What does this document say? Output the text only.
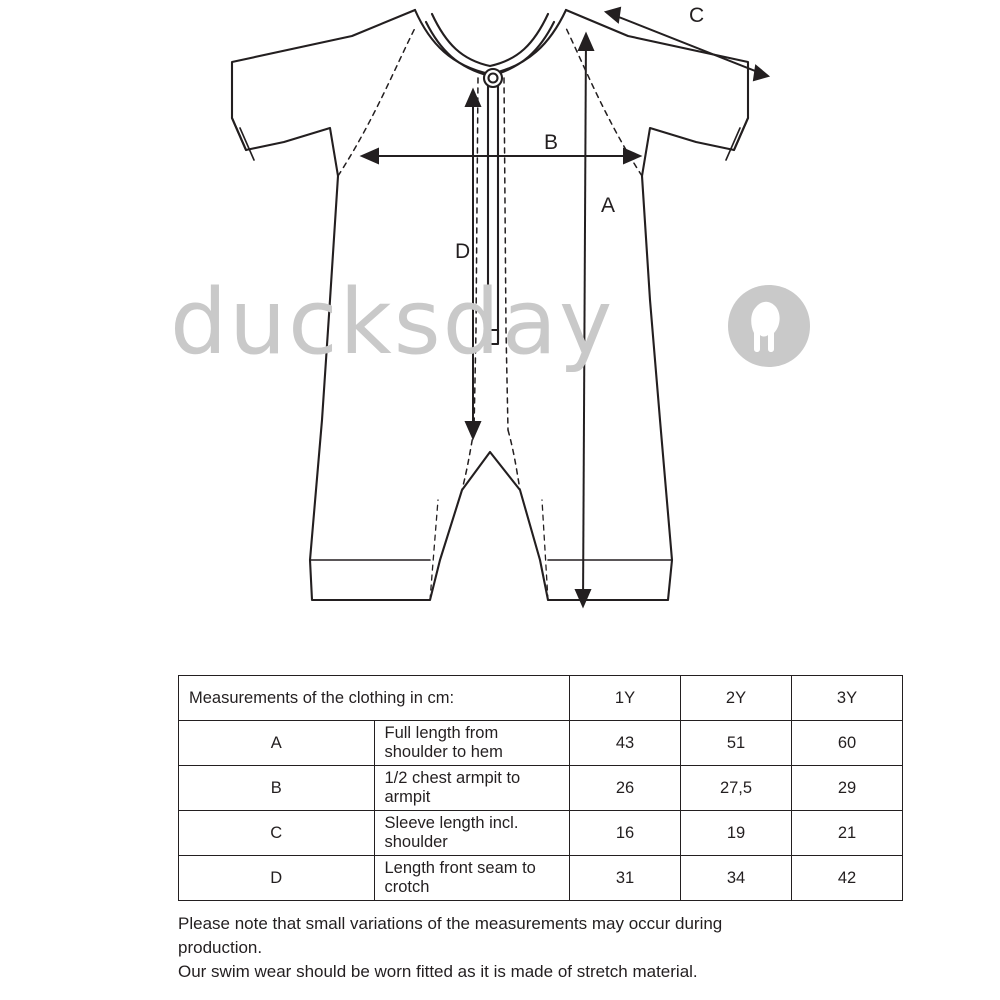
ducksday
A
B
C
D
Measurements of the clothing in cm:		1Y	2Y	3Y
A	Full length from shoulder to hem	43	51	60
B	1/2 chest armpit to armpit	26	27,5	29
C	Sleeve length incl. shoulder	16	19	21
D	Length front seam to crotch	31	34	42

Please note that small variations of the measurements may occur during

production.

Our swim wear should be worn fitted as it is made of stretch material.
